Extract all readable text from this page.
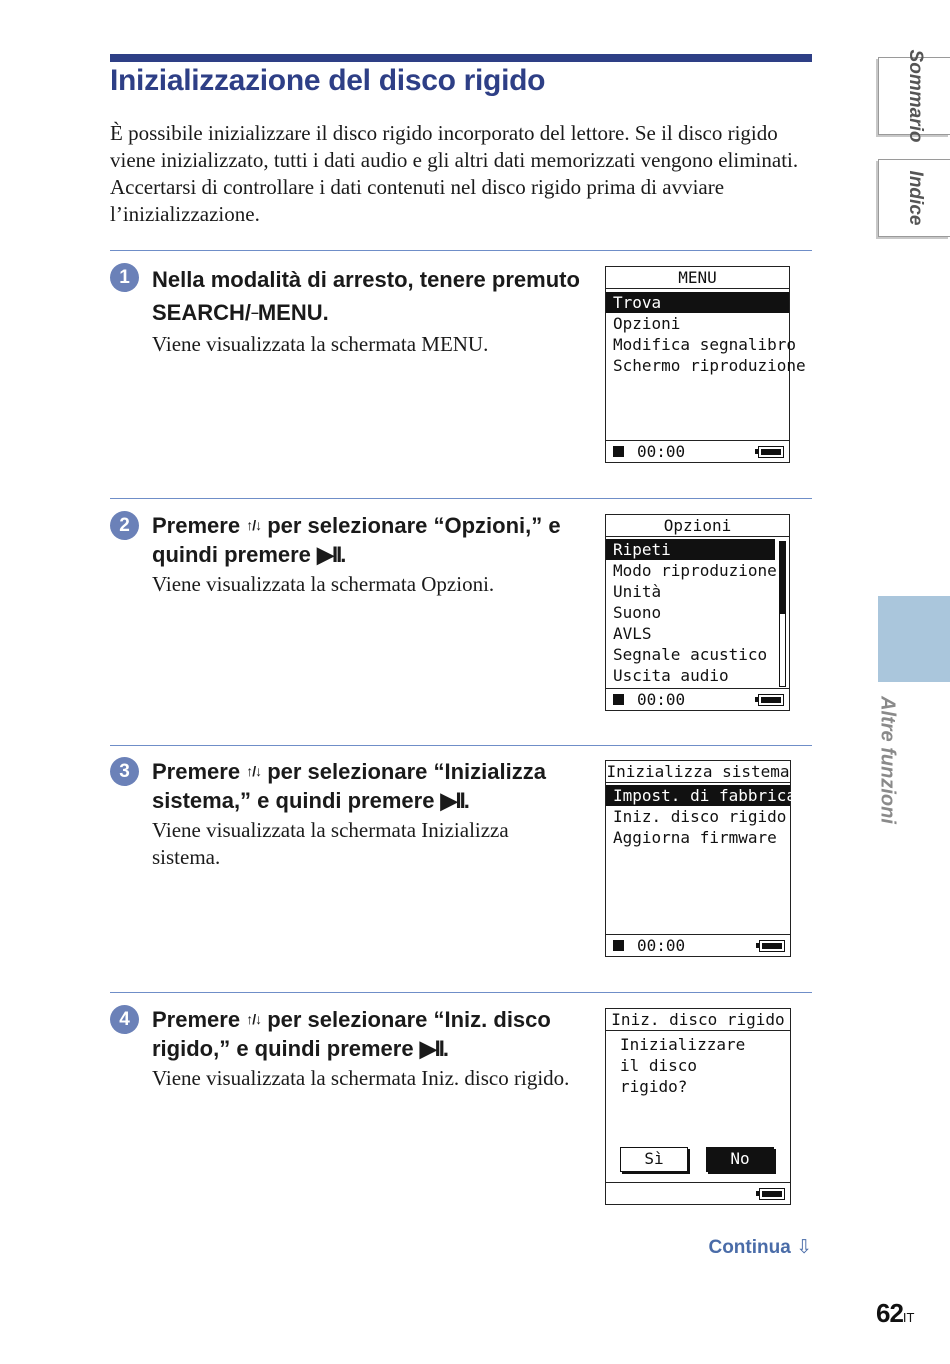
Inizializzazione del disco rigido

È possibile inizializzare il disco rigido incorporato del lettore. Se il disco rigido viene inizializzato, tutti i dati audio e gli altri dati memorizzati vengono eliminati. Accertarsi di controllare i dati contenuti nel disco rigido prima di avviare l’inizializzazione.

1	Nella modalità di arresto, tenere premuto SEARCH/–MENU.
Viene visualizzata la schermata MENU.
MENU
Trova
Opzioni
Modifica segnalibro
Schermo riproduzione
00:00
2	Premere ↑/↓ per selezionare “Opzioni,” e quindi premere ▶II.
Viene visualizzata la schermata Opzioni.
Opzioni
Ripeti
Modo riproduzione
Unità
Suono
AVLS
Segnale acustico
Uscita audio
00:00
3	Premere ↑/↓ per selezionare “Inizializza sistema,” e quindi premere ▶II.
Viene visualizzata la schermata Inizializza sistema.
Inizializza sistema
Impost. di fabbrica
Iniz. disco rigido
Aggiorna firmware
00:00
4	Premere ↑/↓ per selezionare “Iniz. disco rigido,” e quindi premere ▶II.
Viene visualizzata la schermata Iniz. disco rigido.
Iniz. disco rigido
Inizializzare
il disco
rigido?
Sì	No
Continua ⇩
62IT
Sommario
Indice
Altre funzioni
